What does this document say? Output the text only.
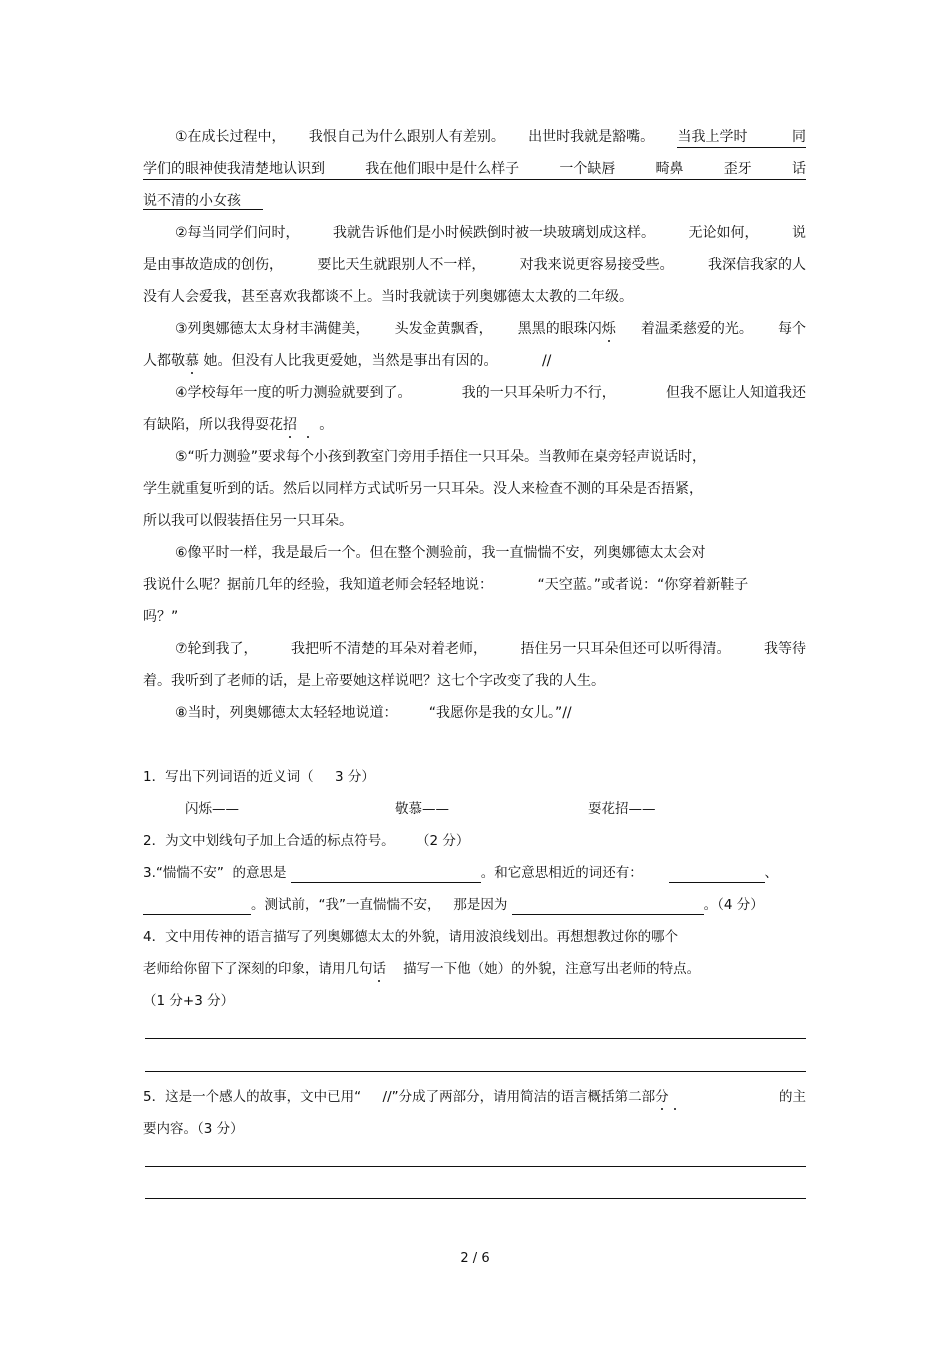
①在成长过程中， 我恨自己为什么跟别人有差别。 出世时我就是豁嘴。 当我上学时          同
学们的眼神使我清楚地认识到	我在他们眼中是什么样子	一个缺唇	畸鼻	歪牙	话
说不清的小女孩
②每当同学们问时， 我就告诉他们是小时候跌倒时被一块玻璃划成这样。 无论如何， 说
是由事故造成的创伤， 要比天生就跟别人不一样， 对我来说更容易接受些。 我深信我家的人
没有人会爱我，甚至喜欢我都谈不上。当时我就读于列奥娜德太太教的二年级。
③列奥娜德太太身材丰满健美， 头发金黄飘香， 黑黑的眼珠闪烁 着温柔慈爱的光。 每个
人都敬慕 她。但没有人比我更爱她，当然是事出有因的。          //
④学校每年一度的听力测验就要到了。	我的一只耳朵听力不行，	但我不愿让人知道我还
有缺陷，所以我得耍花招     。
⑤“听力测验”要求每个小孩到教室门旁用手捂住一只耳朵。当教师在桌旁轻声说话时，
学生就重复听到的话。然后以同样方式试听另一只耳朵。没人来检查不测的耳朵是否捂紧，
所以我可以假装捂住另一只耳朵。
⑥像平时一样，我是最后一个。但在整个测验前，我一直惴惴不安，列奥娜德太太会对
我说什么呢？据前几年的经验，我知道老师会轻轻地说：          “天空蓝。”或者说：“你穿着新鞋子
吗？”
⑦轮到我了， 我把听不清楚的耳朵对着老师， 捂住另一只耳朵但还可以听得清。 我等待
着。我听到了老师的话，是上帝要她这样说吧？这七个字改变了我的人生。
⑧当时，列奥娜德太太轻轻地说道：       “我愿你是我的女儿。”//
1．写出下列词语的近义词（     3 分）
闪烁——	敬慕——	耍花招——
2．为文中划线句子加上合适的标点符号。     （2 分）
3.“惴惴不安”  的意思是	。和它意思相近的词还有：	、
。测试前，“我”一直惴惴不安，   那是因为	。（4 分）
4．文中用传神的语言描写了列奥娜德太太的外貌，请用波浪线划出。再想想教过你的哪个
老师给你留下了深刻的印象，请用几句话    描写一下他（她）的外貌，注意写出老师的特点。
（1 分+3 分）
5．这是一个感人的故事，文中已用“     //”分成了两部分，请用简洁的语言概括第二部分	的主
要内容。（3 分）
2 / 6
